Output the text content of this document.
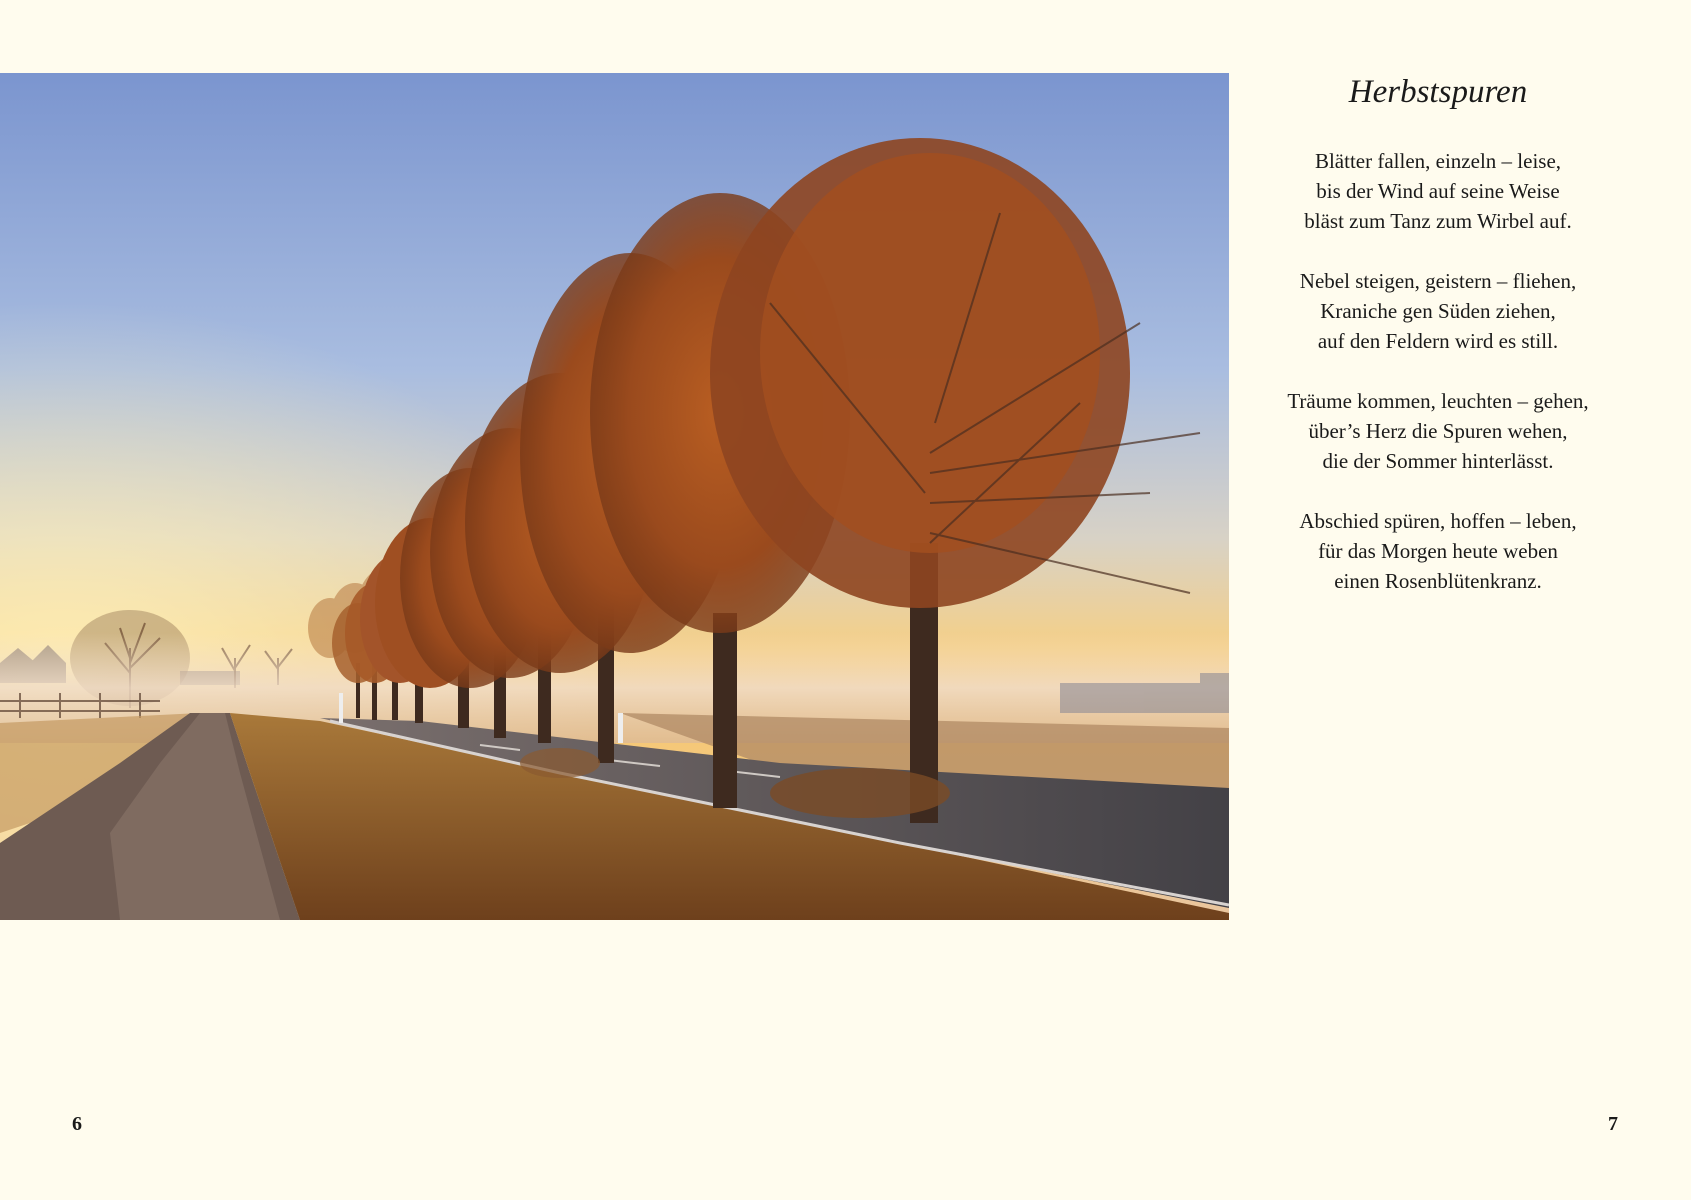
Herbstspuren

Blätter fallen, einzeln – leise,
bis der Wind auf seine Weise
bläst zum Tanz zum Wirbel auf.

Nebel steigen, geistern – fliehen,
Kraniche gen Süden ziehen,
auf den Feldern wird es still.

Träume kommen, leuchten – gehen,
über’s Herz die Spuren wehen,
die der Sommer hinterlässt.

Abschied spüren, hoffen – leben,
für das Morgen heute weben
einen Rosenblütenkranz.

6	7
